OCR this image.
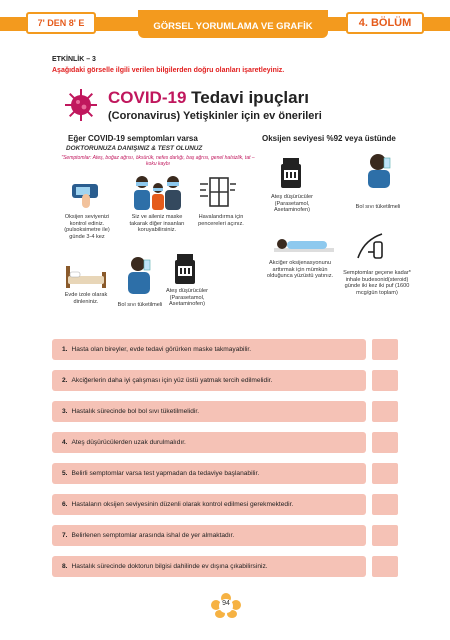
7' DEN 8' E	GÖRSEL YORUMLAMA VE GRAFİK OKUMA
4. BÖLÜM
ETKİNLİK – 3
Aşağıdaki görselle ilgili verilen bilgilerden doğru olanları işaretleyiniz.
COVID-19 Tedavi ipuçları
(Coronavirus) Yetişkinler için ev önerileri
Eğer COVID-19 semptomları varsa
DOKTORUNUZA DANIŞINIZ & TEST OLUNUZ
"Semptomlar: Ateş, boğaz ağrısı, öksürük, nefes darlığı, baş ağrısı, genel halsizlik, tat – koku kaybı
Oksijen seviyesi %92 veya üstünde
Oksijen seviyenizi kontrol ediniz. (pulsoksimetre ile) günde 3-4 kez
Siz ve aileniz maske takarak diğer insanları koruyabilirsiniz.
Havalandırma için pencereleri açınız.
Evde izole olarak dinleniniz.
Bol sıvı tüketilmeli
Ateş düşürücüler (Parasetamol, Asetaminofen)
Ateş düşürücüler (Parasetamol, Asetaminofen)
Bol sıvı tüketilmeli
Akciğer oksijenasyonunu arttırmak için mümkün olduğunca yüzüstü yatınız.
Semptomlar geçene kadar* inhale budesonid(steroid) günde iki kez iki puf (1600 mcg/gün toplam)
1. Hasta olan bireyler, evde tedavi görürken maske takmayabilir.
2. Akciğerlerin daha iyi çalışması için yüz üstü yatmak tercih edilmelidir.
3. Hastalık sürecinde bol bol sıvı tüketilmelidir.
4. Ateş düşürücülerden uzak durulmalıdır.
5. Belirli semptomlar varsa test yapmadan da tedaviye başlanabilir.
6. Hastaların oksijen seviyesinin düzenli olarak kontrol edilmesi gerekmektedir.
7. Belirlenen semptomlar arasında ishal de yer almaktadır.
8. Hastalık sürecinde doktorun bilgisi dahilinde ev dışına çıkabilirsiniz.
94
